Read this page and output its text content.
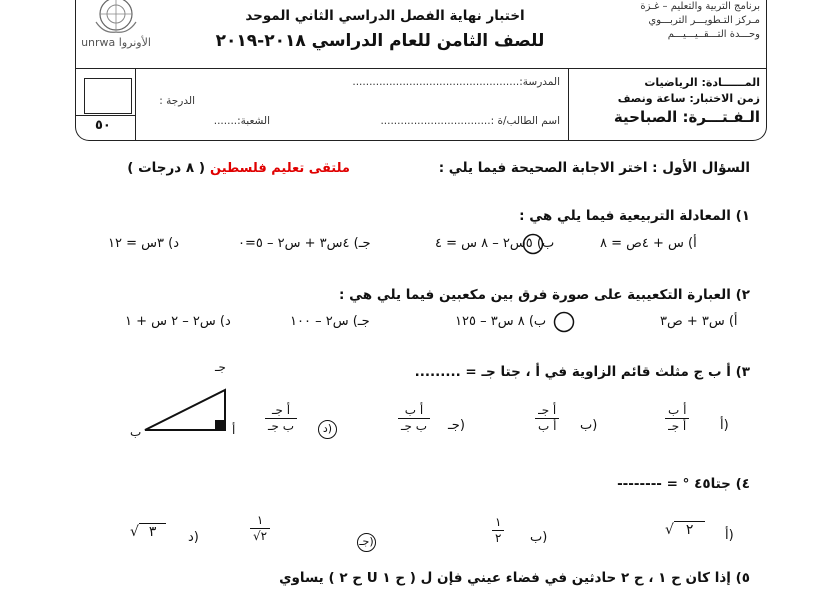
برنامج التربية والتعليم – غـزة
مـركز التـطويـــر التربـــوي
وحـــدة التـــقــيـــيـــم
اختبار نهاية الفصل الدراسي الثاني الموحد
للصف الثامن للعام الدراسي ٢٠١٨-٢٠١٩
unrwa الأونروا
الدرجة :
٥٠
المدرسة:..................................................
اسم الطالب/ة :.................................
الشعبة:.......
المــــــادة: الرياضيات
زمن الاختبار: ساعة ونصف
الـفـتـــرة: الصباحية
السؤال الأول : اختر الاجابة الصحيحة فيما يلي :
ملتقى تعليم فلسطين
( ٨ درجات )
١) المعادلة التربيعية فيما يلي هي :
أ) س + ٤ص = ٨
ب) ٥س٢ – ٨ س = ٤
جـ) ٤س٣ + س٢ – ٥=٠
د) ٣س = ١٢
٢) العبارة التكعيبية على صورة فرق بين مكعبين فيما يلي هي :
أ) س٣ + ص٣
ب) ٨ س٣ – ١٢٥
جـ) س٢ – ١٠٠
د) س٢ – ٢ س + ١
٣) أ ب ج مثلث قائم الزاوية في أ ، جتا جـ = .........
جـ
أ
ب	أ)
أ ب
أ جـ
ب)
أ جـ
أ ب
جـ)
أ ب
ب جـ
د)
أ جـ
ب جـ
٤) جتا٤٥ ° = --------
أ)
√ ٢
ب)
١
٢
جـ)
١
√٢
د)
√ ٣
٥) إذا كان ح ١ ، ح ٢ حادثين في فضاء عيني فإن ل ( ح ١ U ح ٢ ) يساوي
